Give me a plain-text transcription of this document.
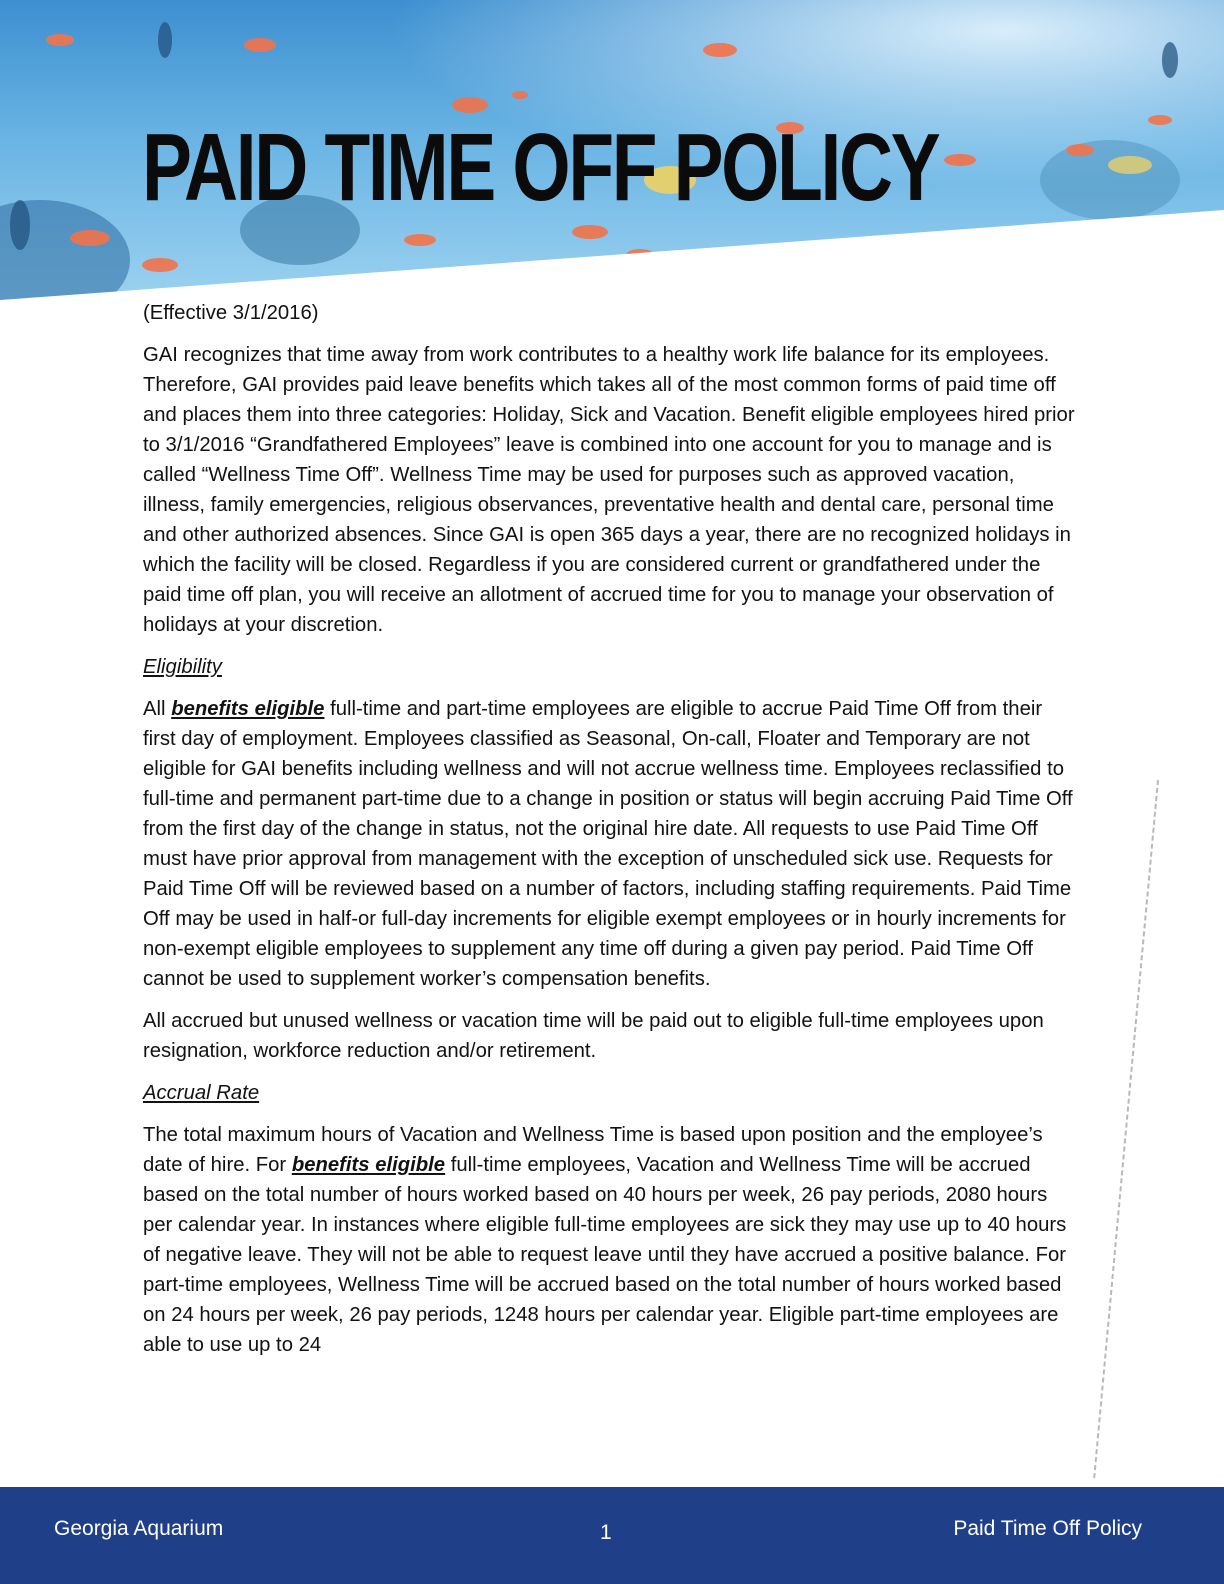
PAID TIME OFF POLICY

(Effective 3/1/2016)

GAI recognizes that time away from work contributes to a healthy work life balance for its employees. Therefore, GAI provides paid leave benefits which takes all of the most common forms of paid time off and places them into three categories: Holiday, Sick and Vacation. Benefit eligible employees hired prior to 3/1/2016 “Grandfathered Employees” leave is combined into one account for you to manage and is called “Wellness Time Off”. Wellness Time may be used for purposes such as approved vacation, illness, family emergencies, religious observances, preventative health and dental care, personal time and other authorized absences. Since GAI is open 365 days a year, there are no recognized holidays in which the facility will be closed. Regardless if you are considered current or grandfathered under the paid time off plan, you will receive an allotment of accrued time for you to manage your observation of holidays at your discretion.

Eligibility

All benefits eligible full-time and part-time employees are eligible to accrue Paid Time Off from their first day of employment. Employees classified as Seasonal, On-call, Floater and Temporary are not eligible for GAI benefits including wellness and will not accrue wellness time. Employees reclassified to full-time and permanent part-time due to a change in position or status will begin accruing Paid Time Off from the first day of the change in status, not the original hire date. All requests to use Paid Time Off must have prior approval from management with the exception of unscheduled sick use. Requests for Paid Time Off will be reviewed based on a number of factors, including staffing requirements. Paid Time Off may be used in half-or full-day increments for eligible exempt employees or in hourly increments for non-exempt eligible employees to supplement any time off during a given pay period. Paid Time Off cannot be used to supplement worker’s compensation benefits.

All accrued but unused wellness or vacation time will be paid out to eligible full-time employees upon resignation, workforce reduction and/or retirement.

Accrual Rate

The total maximum hours of Vacation and Wellness Time is based upon position and the employee’s date of hire. For benefits eligible full-time employees, Vacation and Wellness Time will be accrued based on the total number of hours worked based on 40 hours per week, 26 pay periods, 2080 hours per calendar year. In instances where eligible full-time employees are sick they may use up to 40 hours of negative leave. They will not be able to request leave until they have accrued a positive balance. For part-time employees, Wellness Time will be accrued based on the total number of hours worked based on 24 hours per week, 26 pay periods, 1248 hours per calendar year. Eligible part-time employees are able to use up to 24

Georgia Aquarium	1	Paid Time Off Policy
